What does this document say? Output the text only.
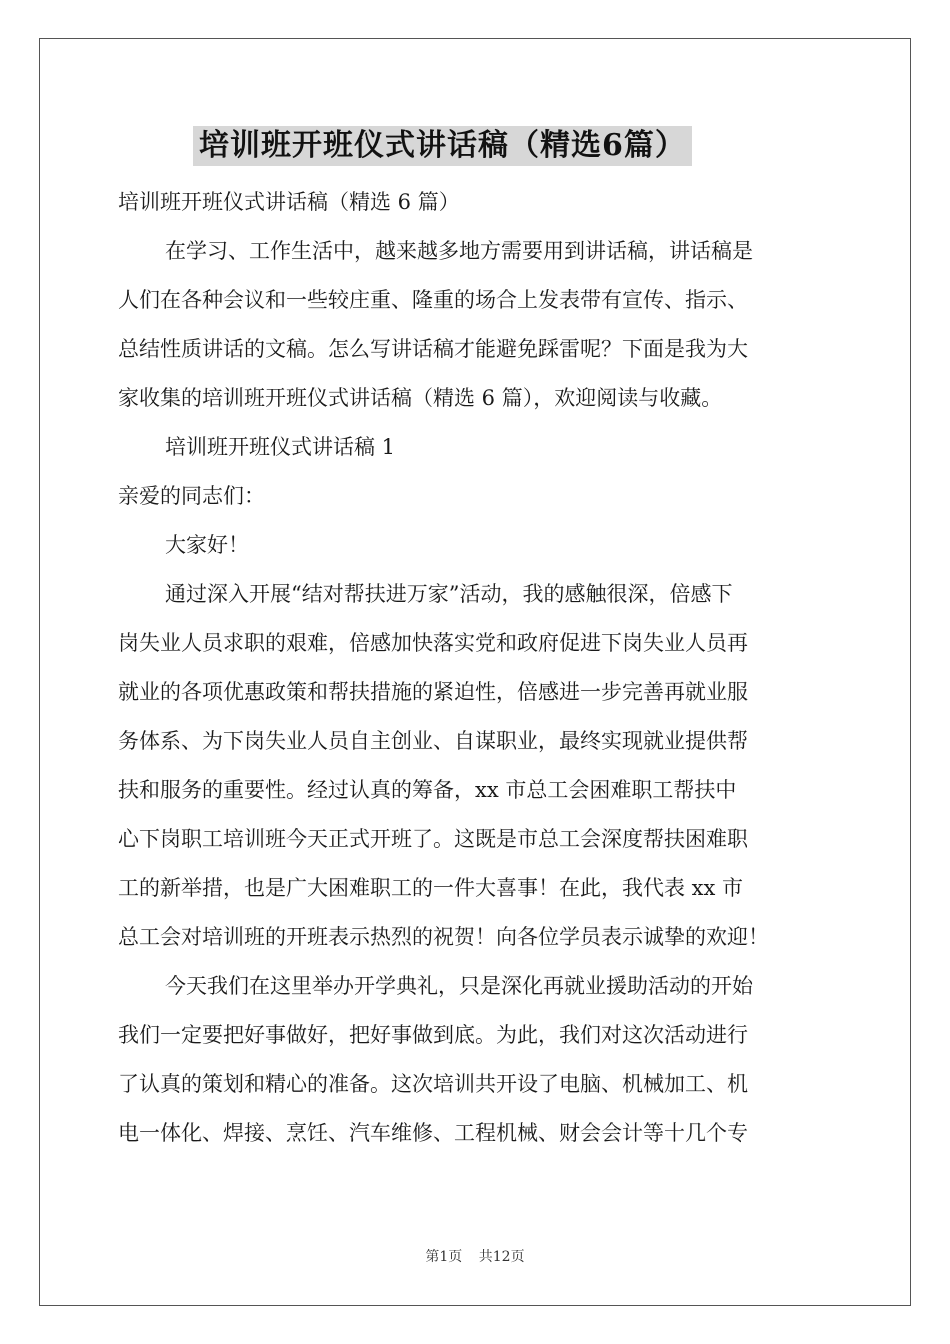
培训班开班仪式讲话稿（精选6篇）
培训班开班仪式讲话稿（精选 6 篇）
在学习、工作生活中，越来越多地方需要用到讲话稿，讲话稿是
人们在各种会议和一些较庄重、隆重的场合上发表带有宣传、指示、
总结性质讲话的文稿。怎么写讲话稿才能避免踩雷呢？下面是我为大
家收集的培训班开班仪式讲话稿（精选 6 篇），欢迎阅读与收藏。
培训班开班仪式讲话稿 1
亲爱的同志们：
大家好！
通过深入开展“结对帮扶进万家”活动，我的感触很深，倍感下
岗失业人员求职的艰难，倍感加快落实党和政府促进下岗失业人员再
就业的各项优惠政策和帮扶措施的紧迫性，倍感进一步完善再就业服
务体系、为下岗失业人员自主创业、自谋职业，最终实现就业提供帮
扶和服务的重要性。经过认真的筹备，xx 市总工会困难职工帮扶中
心下岗职工培训班今天正式开班了。这既是市总工会深度帮扶困难职
工的新举措，也是广大困难职工的一件大喜事！在此，我代表 xx 市
总工会对培训班的开班表示热烈的祝贺！向各位学员表示诚挚的欢迎！
今天我们在这里举办开学典礼，只是深化再就业援助活动的开始
我们一定要把好事做好，把好事做到底。为此，我们对这次活动进行
了认真的策划和精心的准备。这次培训共开设了电脑、机械加工、机
电一体化、焊接、烹饪、汽车维修、工程机械、财会会计等十几个专
第1页 共12页
